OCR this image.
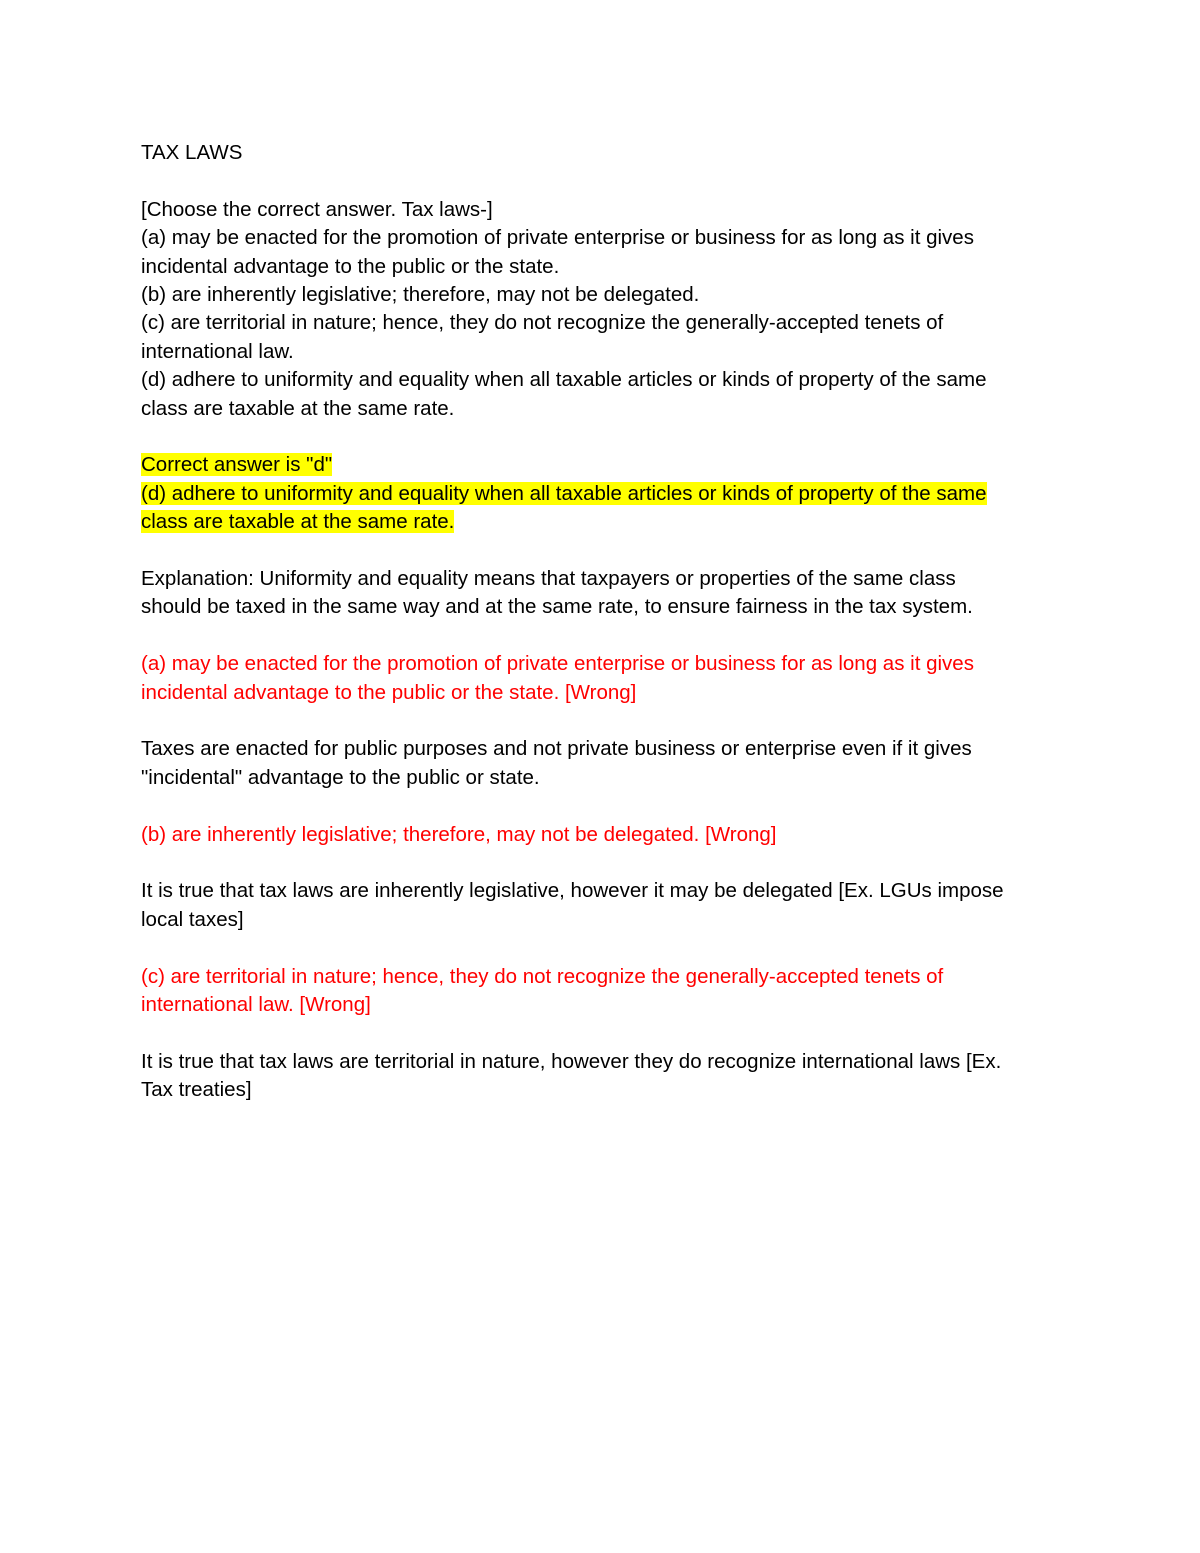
TAX LAWS
[Choose the correct answer. Tax laws-]
(a) may be enacted for the promotion of private enterprise or business for as long as it gives
incidental advantage to the public or the state.
(b) are inherently legislative; therefore, may not be delegated.
(c) are territorial in nature; hence, they do not recognize the generally-accepted tenets of
international law.
(d) adhere to uniformity and equality when all taxable articles or kinds of property of the same
class are taxable at the same rate.
Correct answer is "d"
(d) adhere to uniformity and equality when all taxable articles or kinds of property of the same
class are taxable at the same rate.
Explanation: Uniformity and equality means that taxpayers or properties of the same class
should be taxed in the same way and at the same rate, to ensure fairness in the tax system.
(a) may be enacted for the promotion of private enterprise or business for as long as it gives
incidental advantage to the public or the state. [Wrong]
Taxes are enacted for public purposes and not private business or enterprise even if it gives
"incidental" advantage to the public or state.
(b) are inherently legislative; therefore, may not be delegated. [Wrong]
It is true that tax laws are inherently legislative, however it may be delegated [Ex. LGUs impose
local taxes]
(c) are territorial in nature; hence, they do not recognize the generally-accepted tenets of
international law. [Wrong]
It is true that tax laws are territorial in nature, however they do recognize international laws [Ex.
Tax treaties]
